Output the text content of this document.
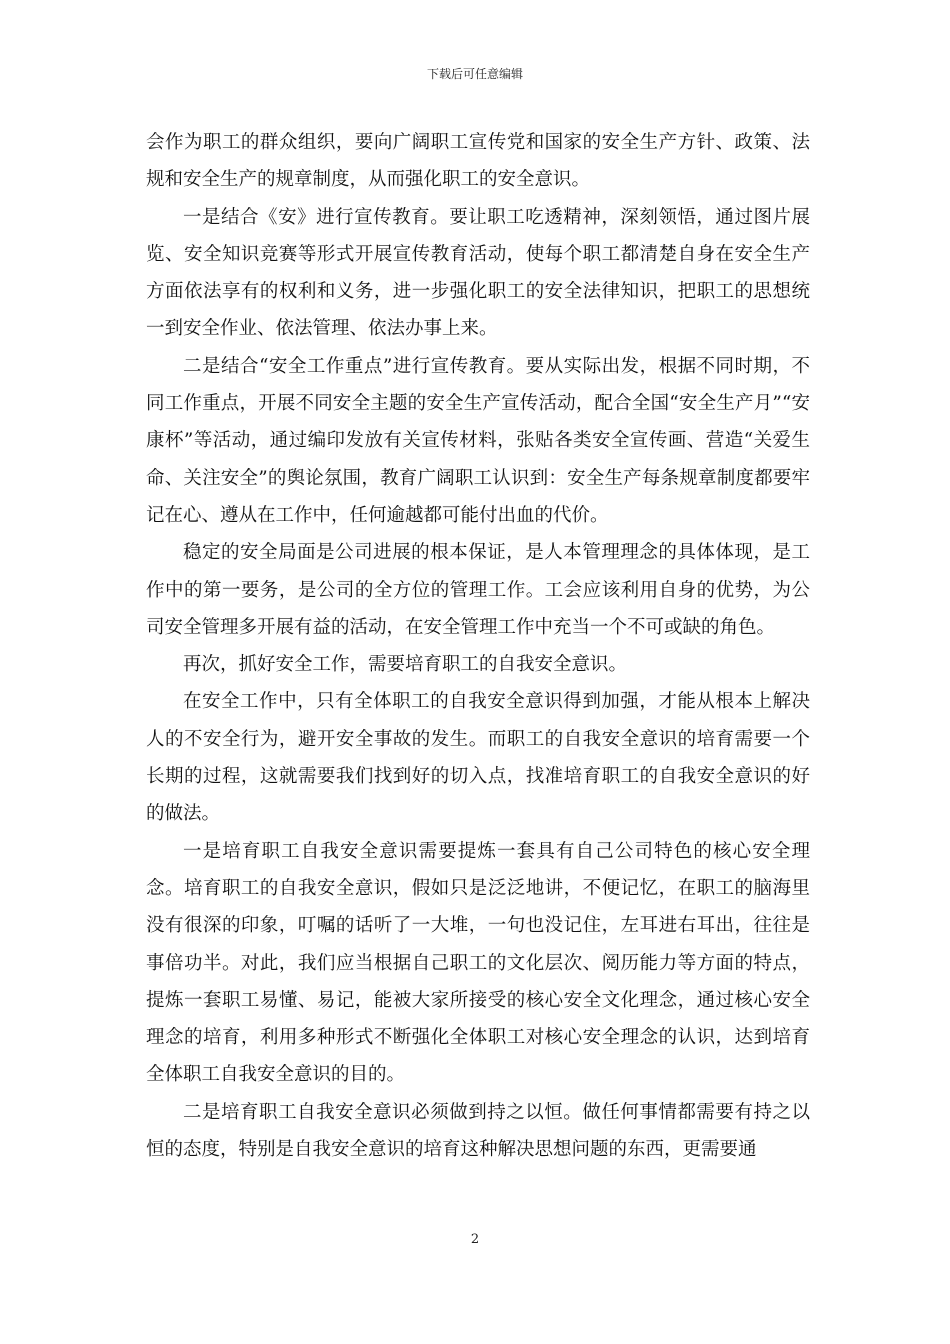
下载后可任意编辑

会作为职工的群众组织，要向广阔职工宣传党和国家的安全生产方针、政策、法规和安全生产的规章制度，从而强化职工的安全意识。

一是结合《安》进行宣传教育。要让职工吃透精神，深刻领悟，通过图片展览、安全知识竞赛等形式开展宣传教育活动，使每个职工都清楚自身在安全生产方面依法享有的权利和义务，进一步强化职工的安全法律知识，把职工的思想统一到安全作业、依法管理、依法办事上来。

二是结合“安全工作重点”进行宣传教育。要从实际出发，根据不同时期，不同工作重点，开展不同安全主题的安全生产宣传活动，配合全国“安全生产月”“安康杯”等活动，通过编印发放有关宣传材料，张贴各类安全宣传画、营造“关爱生命、关注安全”的舆论氛围，教育广阔职工认识到：安全生产每条规章制度都要牢记在心、遵从在工作中，任何逾越都可能付出血的代价。

稳定的安全局面是公司进展的根本保证，是人本管理理念的具体体现，是工作中的第一要务，是公司的全方位的管理工作。工会应该利用自身的优势，为公司安全管理多开展有益的活动，在安全管理工作中充当一个不可或缺的角色。

再次，抓好安全工作，需要培育职工的自我安全意识。

在安全工作中，只有全体职工的自我安全意识得到加强，才能从根本上解决人的不安全行为，避开安全事故的发生。而职工的自我安全意识的培育需要一个长期的过程，这就需要我们找到好的切入点，找准培育职工的自我安全意识的好的做法。

一是培育职工自我安全意识需要提炼一套具有自己公司特色的核心安全理念。培育职工的自我安全意识，假如只是泛泛地讲，不便记忆，在职工的脑海里没有很深的印象，叮嘱的话听了一大堆，一句也没记住，左耳进右耳出，往往是事倍功半。对此，我们应当根据自己职工的文化层次、阅历能力等方面的特点，提炼一套职工易懂、易记，能被大家所接受的核心安全文化理念，通过核心安全理念的培育，利用多种形式不断强化全体职工对核心安全理念的认识，达到培育全体职工自我安全意识的目的。

二是培育职工自我安全意识必须做到持之以恒。做任何事情都需要有持之以恒的态度，特别是自我安全意识的培育这种解决思想问题的东西，更需要通

2
